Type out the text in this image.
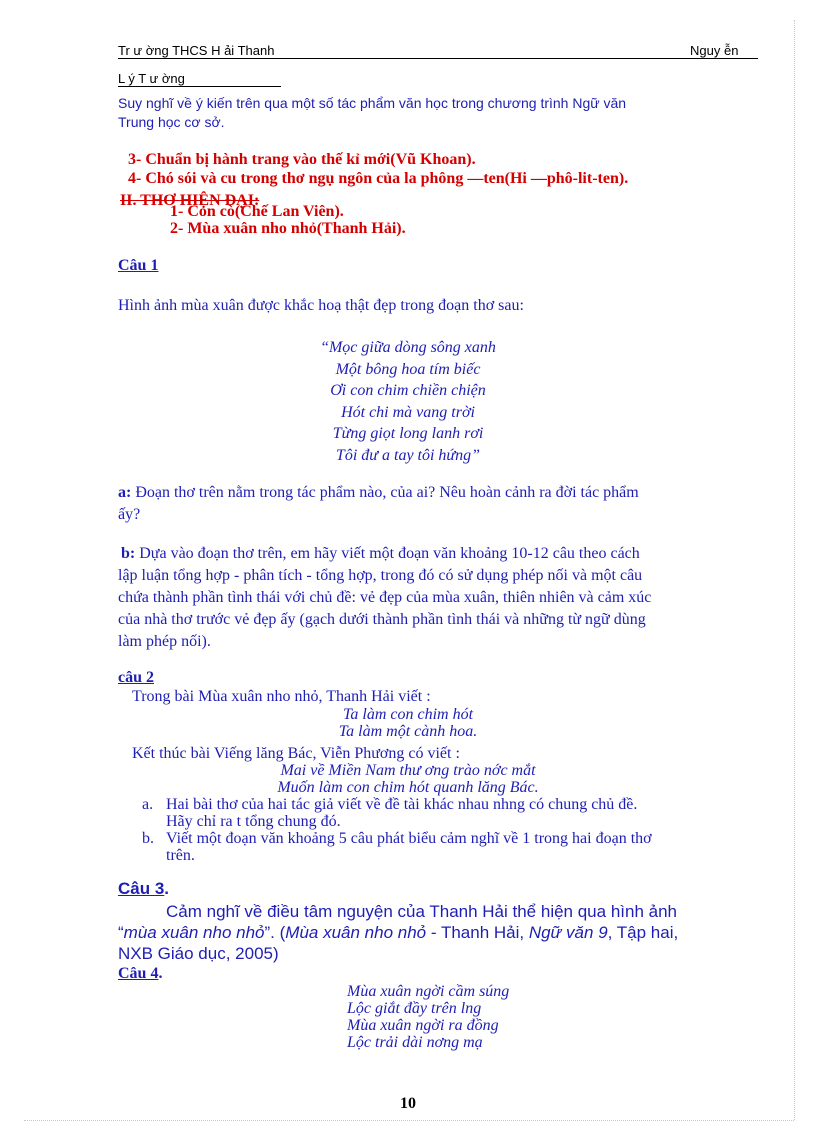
Tr ư ờng THCS H ải Thanh	Nguy ễn
L ý T ư ờng
Suy nghĩ về ý kiến trên qua một số tác phẩm văn học trong chương trình Ngữ văn
Trung học cơ sở.
3- Chuẩn bị hành trang vào thế kỉ mới(Vũ Khoan).
4- Chó sói và cu trong thơ ngụ ngôn của la phông —ten(Hi —phô-lit-ten).
II. THƠ HIỆN ĐẠI:
1- Con cò(Chế Lan Viên).
2- Mùa xuân nho nhỏ(Thanh Hải).
Câu 1
Hình ảnh mùa xuân được khắc hoạ thật đẹp trong đoạn thơ sau:
“Mọc giữa dòng sông xanh
Một bông hoa tím biếc
Ơi con chim chiền chiện
Hót chi mà vang trời
Từng giọt long lanh rơi
Tôi đư a tay tôi hứng”
a: Đoạn thơ trên nằm trong tác phẩm nào, của ai? Nêu hoàn cảnh ra đời tác phẩm
ấy?
b: Dựa vào đoạn thơ trên, em hãy viết một đoạn văn khoảng 10-12 câu theo cách
lập luận tổng hợp - phân tích - tổng hợp, trong đó có sử dụng phép nối và một câu
chứa thành phần tình thái với chủ đề: vẻ đẹp của mùa xuân, thiên nhiên và cảm xúc
của nhà thơ trước vẻ đẹp ấy (gạch dưới thành phần tình thái và những từ ngữ dùng
làm phép nối).
câu 2
Trong bài Mùa xuân nho nhỏ, Thanh Hải viết :
Ta làm con chim hót
Ta làm một cành hoa.
Kết thúc bài Viếng lăng Bác, Viễn Phương có viết :
Mai về Miền Nam thư ơng trào nớc mắt
Muốn làm con chim hót quanh lăng Bác.
a. Hai bài thơ của hai tác giả viết về đề tài khác nhau nhng có chung chủ đề.
Hãy chỉ ra t tổng chung đó.
b. Viết một đoạn văn khoảng 5 câu phát biểu cảm nghĩ về 1 trong hai đoạn thơ
trên.
Câu 3.
Cảm nghĩ về điều tâm nguyện của Thanh Hải thể hiện qua hình ảnh
“mùa xuân nho nhỏ”. (Mùa xuân nho nhỏ - Thanh Hải, Ngữ văn 9, Tập hai,
NXB Giáo dục, 2005)
Câu 4.
Mùa xuân ngời cầm súng
Lộc giắt đầy trên lng
Mùa xuân ngời ra đồng
Lộc trải dài nơng mạ
10
